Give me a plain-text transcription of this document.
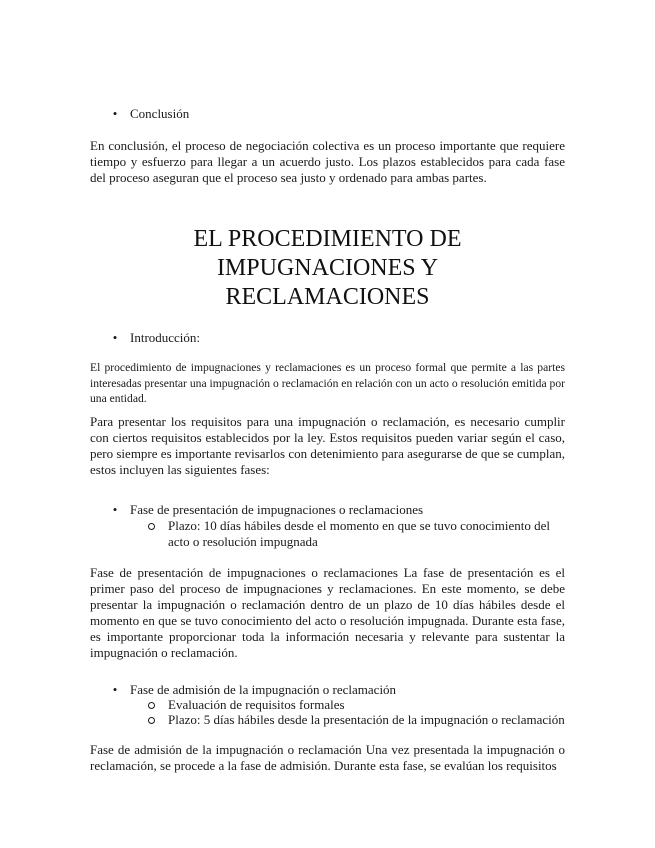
• Conclusión
En conclusión, el proceso de negociación colectiva es un proceso importante que requiere tiempo y esfuerzo para llegar a un acuerdo justo. Los plazos establecidos para cada fase del proceso aseguran que el proceso sea justo y ordenado para ambas partes.
EL PROCEDIMIENTO DE
IMPUGNACIONES Y
RECLAMACIONES
• Introducción:
El procedimiento de impugnaciones y reclamaciones es un proceso formal que permite a las partes interesadas presentar una impugnación o reclamación en relación con un acto o resolución emitida por una entidad.
Para presentar los requisitos para una impugnación o reclamación, es necesario cumplir con ciertos requisitos establecidos por la ley. Estos requisitos pueden variar según el caso, pero siempre es importante revisarlos con detenimiento para asegurarse de que se cumplan, estos incluyen las siguientes fases:
• Fase de presentación de impugnaciones o reclamaciones
Plazo: 10 días hábiles desde el momento en que se tuvo conocimiento del acto o resolución impugnada
Fase de presentación de impugnaciones o reclamaciones La fase de presentación es el primer paso del proceso de impugnaciones y reclamaciones. En este momento, se debe presentar la impugnación o reclamación dentro de un plazo de 10 días hábiles desde el momento en que se tuvo conocimiento del acto o resolución impugnada. Durante esta fase, es importante proporcionar toda la información necesaria y relevante para sustentar la impugnación o reclamación.
• Fase de admisión de la impugnación o reclamación
Evaluación de requisitos formales
Plazo: 5 días hábiles desde la presentación de la impugnación o reclamación
Fase de admisión de la impugnación o reclamación Una vez presentada la impugnación o reclamación, se procede a la fase de admisión. Durante esta fase, se evalúan los requisitos
